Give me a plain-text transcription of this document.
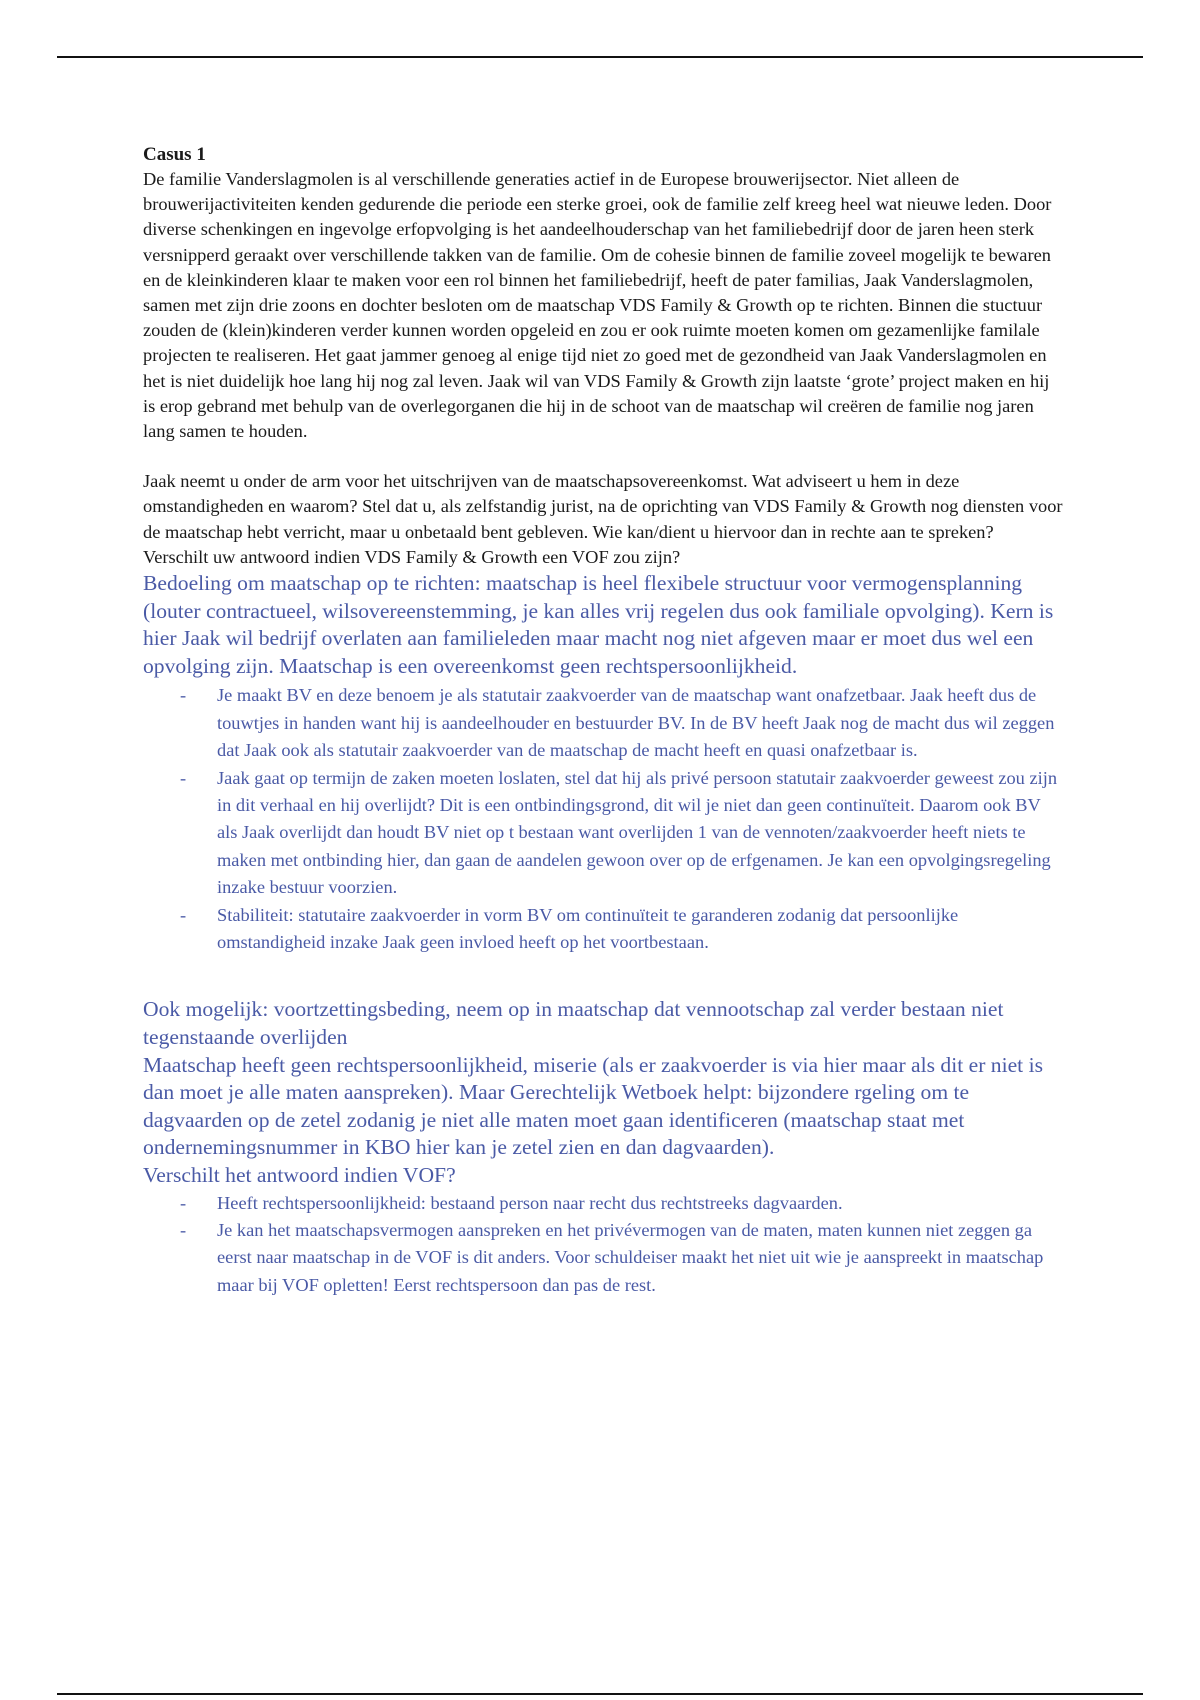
Casus 1

De familie Vanderslagmolen is al verschillende generaties actief in de Europese brouwerijsector. Niet alleen de brouwerijactiviteiten kenden gedurende die periode een sterke groei, ook de familie zelf kreeg heel wat nieuwe leden. Door diverse schenkingen en ingevolge erfopvolging is het aandeelhouderschap van het familiebedrijf door de jaren heen sterk versnipperd geraakt over verschillende takken van de familie. Om de cohesie binnen de familie zoveel mogelijk te bewaren en de kleinkinderen klaar te maken voor een rol binnen het familiebedrijf, heeft de pater familias, Jaak Vanderslagmolen, samen met zijn drie zoons en dochter besloten om de maatschap VDS Family & Growth op te richten. Binnen die stuctuur zouden de (klein)kinderen verder kunnen worden opgeleid en zou er ook ruimte moeten komen om gezamenlijke familale projecten te realiseren. Het gaat jammer genoeg al enige tijd niet zo goed met de gezondheid van Jaak Vanderslagmolen en het is niet duidelijk hoe lang hij nog zal leven. Jaak wil van VDS Family & Growth zijn laatste ‘grote’ project maken en hij is erop gebrand met behulp van de overlegorganen die hij in de schoot van de maatschap wil creëren de familie nog jaren lang samen te houden.

Jaak neemt u onder de arm voor het uitschrijven van de maatschapsovereenkomst. Wat adviseert u hem in deze omstandigheden en waarom? Stel dat u, als zelfstandig jurist, na de oprichting van VDS Family & Growth nog diensten voor de maatschap hebt verricht, maar u onbetaald bent gebleven. Wie kan/dient u hiervoor dan in rechte aan te spreken? Verschilt uw antwoord indien VDS Family & Growth een VOF zou zijn?

Bedoeling om maatschap op te richten: maatschap is heel flexibele structuur voor vermogensplanning (louter contractueel, wilsovereenstemming, je kan alles vrij regelen dus ook familiale opvolging). Kern is hier Jaak wil bedrijf overlaten aan familieleden maar macht nog niet afgeven maar er moet dus wel een opvolging zijn. Maatschap is een overeenkomst geen rechtspersoonlijkheid.

- Je maakt BV en deze benoem je als statutair zaakvoerder van de maatschap want onafzetbaar. Jaak heeft dus de touwtjes in handen want hij is aandeelhouder en bestuurder BV. In de BV heeft Jaak nog de macht dus wil zeggen dat Jaak ook als statutair zaakvoerder van de maatschap de macht heeft en quasi onafzetbaar is.
- Jaak gaat op termijn de zaken moeten loslaten, stel dat hij als privé persoon statutair zaakvoerder geweest zou zijn in dit verhaal en hij overlijdt? Dit is een ontbindingsgrond, dit wil je niet dan geen continuïteit. Daarom ook BV als Jaak overlijdt dan houdt BV niet op t bestaan want overlijden 1 van de vennoten/zaakvoerder heeft niets te maken met ontbinding hier, dan gaan de aandelen gewoon over op de erfgenamen. Je kan een opvolgingsregeling inzake bestuur voorzien.
- Stabiliteit: statutaire zaakvoerder in vorm BV om continuïteit te garanderen zodanig dat persoonlijke omstandigheid inzake Jaak geen invloed heeft op het voortbestaan.

Ook mogelijk: voortzettingsbeding, neem op in maatschap dat vennootschap zal verder bestaan niet tegenstaande overlijden

Maatschap heeft geen rechtspersoonlijkheid, miserie (als er zaakvoerder is via hier maar als dit er niet is dan moet je alle maten aanspreken). Maar Gerechtelijk Wetboek helpt: bijzondere rgeling om te dagvaarden op de zetel zodanig je niet alle maten moet gaan identificeren (maatschap staat met ondernemingsnummer in KBO hier kan je zetel zien en dan dagvaarden).

Verschilt het antwoord indien VOF?

- Heeft rechtspersoonlijkheid: bestaand person naar recht dus rechtstreeks dagvaarden.
- Je kan het maatschapsvermogen aanspreken en het privévermogen van de maten, maten kunnen niet zeggen ga eerst naar maatschap in de VOF is dit anders. Voor schuldeiser maakt het niet uit wie je aanspreekt in maatschap maar bij VOF opletten! Eerst rechtspersoon dan pas de rest.
